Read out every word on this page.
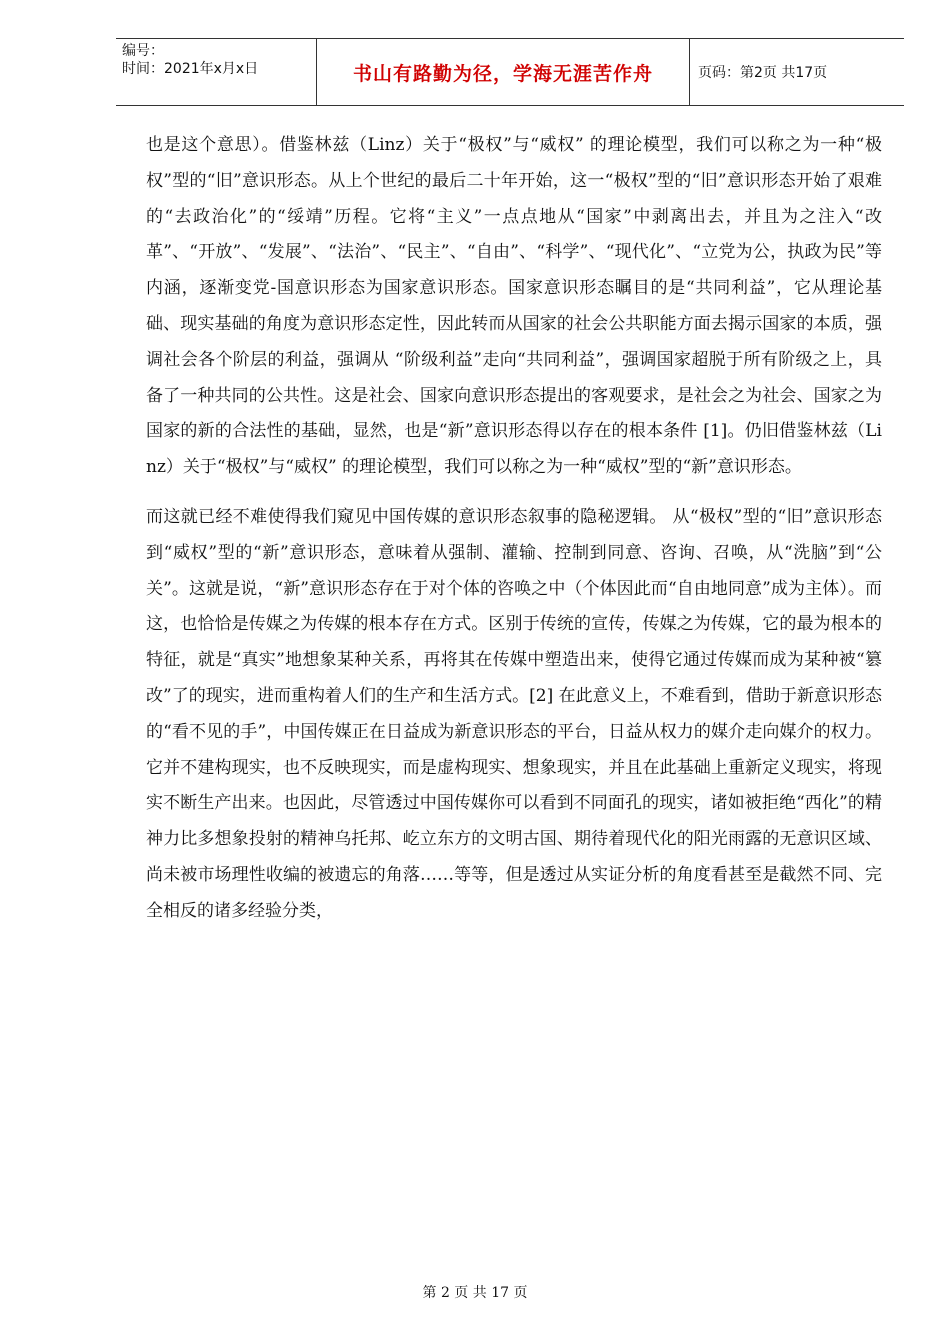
编号：
时间：2021年x月x日	书山有路勤为径，学海无涯苦作舟	页码：第2页 共17页

也是这个意思）。借鉴林兹（Linz）关于“极权”与“威权” 的理论模型，我们可以称之为一种“极权”型的“旧”意识形态。从上个世纪的最后二十年开始，这一“极权”型的“旧”意识形态开始了艰难的“去政治化”的“绥靖”历程。它将“主义”一点点地从“国家”中剥离出去，并且为之注入“改革”、“开放”、“发展”、“法治”、“民主”、“自由”、“科学”、“现代化”、“立党为公，执政为民”等内涵，逐渐变党-国意识形态为国家意识形态。国家意识形态瞩目的是“共同利益”，它从理论基础、现实基础的角度为意识形态定性，因此转而从国家的社会公共职能方面去揭示国家的本质，强调社会各个阶层的利益，强调从 “阶级利益”走向“共同利益”，强调国家超脱于所有阶级之上，具备了一种共同的公共性。这是社会、国家向意识形态提出的客观要求，是社会之为社会、国家之为国家的新的合法性的基础，显然，也是“新”意识形态得以存在的根本条件 [1]。仍旧借鉴林兹（Linz）关于“极权”与“威权” 的理论模型，我们可以称之为一种“威权”型的“新”意识形态。

而这就已经不难使得我们窥见中国传媒的意识形态叙事的隐秘逻辑。 从“极权”型的“旧”意识形态到“威权”型的“新”意识形态，意味着从强制、灌输、控制到同意、咨询、召唤，从“洗脑”到“公关”。这就是说，“新”意识形态存在于对个体的咨唤之中（个体因此而“自由地同意”成为主体）。而这，也恰恰是传媒之为传媒的根本存在方式。区别于传统的宣传，传媒之为传媒，它的最为根本的特征，就是“真实”地想象某种关系，再将其在传媒中塑造出来，使得它通过传媒而成为某种被“篡改”了的现实，进而重构着人们的生产和生活方式。[2] 在此意义上，不难看到，借助于新意识形态的“看不见的手”，中国传媒正在日益成为新意识形态的平台，日益从权力的媒介走向媒介的权力。它并不建构现实，也不反映现实，而是虚构现实、想象现实，并且在此基础上重新定义现实，将现实不断生产出来。也因此，尽管透过中国传媒你可以看到不同面孔的现实，诸如被拒绝“西化”的精神力比多想象投射的精神乌托邦、屹立东方的文明古国、期待着现代化的阳光雨露的无意识区域、尚未被市场理性收编的被遗忘的角落……等等，但是透过从实证分析的角度看甚至是截然不同、完全相反的诸多经验分类，

第 2 页 共 17 页
